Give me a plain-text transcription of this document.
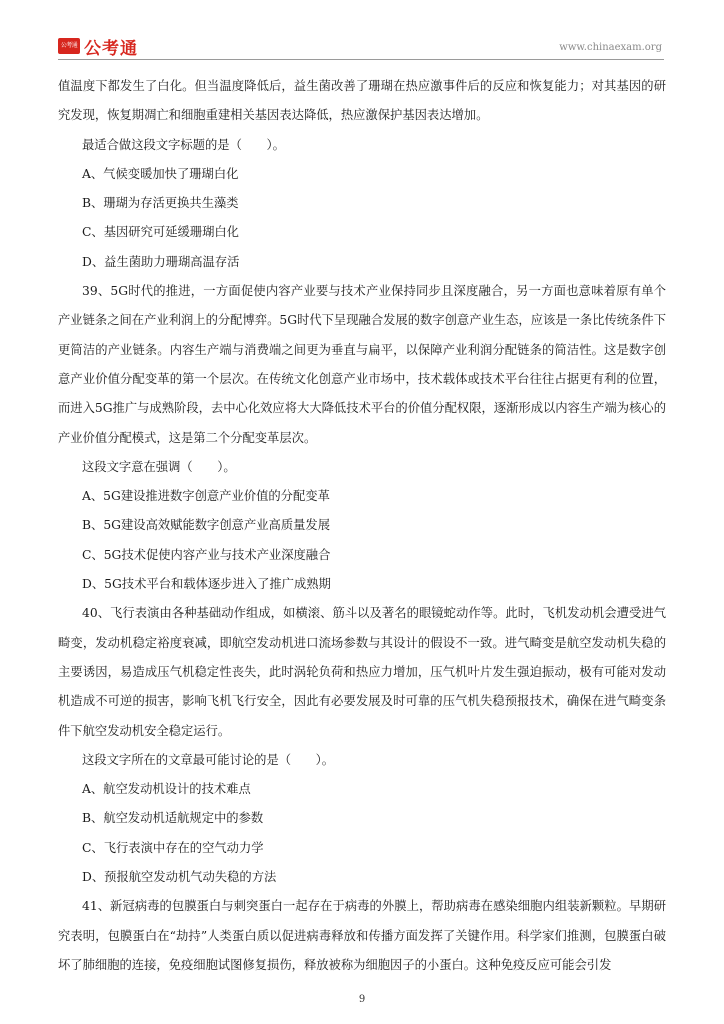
公考通 公考通	www.chinaexam.org

值温度下都发生了白化。但当温度降低后，益生菌改善了珊瑚在热应激事件后的反应和恢复能力；对其基因的研究发现，恢复期凋亡和细胞重建相关基因表达降低，热应激保护基因表达增加。

最适合做这段文字标题的是（　　）。

A、气候变暖加快了珊瑚白化

B、珊瑚为存活更换共生藻类

C、基因研究可延缓珊瑚白化

D、益生菌助力珊瑚高温存活

39、5G时代的推进，一方面促使内容产业要与技术产业保持同步且深度融合，另一方面也意味着原有单个产业链条之间在产业利润上的分配博弈。5G时代下呈现融合发展的数字创意产业生态，应该是一条比传统条件下更简洁的产业链条。内容生产端与消费端之间更为垂直与扁平，以保障产业利润分配链条的简洁性。这是数字创意产业价值分配变革的第一个层次。在传统文化创意产业市场中，技术载体或技术平台往往占据更有利的位置，而进入5G推广与成熟阶段，去中心化效应将大大降低技术平台的价值分配权限，逐渐形成以内容生产端为核心的产业价值分配模式，这是第二个分配变革层次。

这段文字意在强调（　　）。

A、5G建设推进数字创意产业价值的分配变革

B、5G建设高效赋能数字创意产业高质量发展

C、5G技术促使内容产业与技术产业深度融合

D、5G技术平台和载体逐步进入了推广成熟期

40、飞行表演由各种基础动作组成，如横滚、筋斗以及著名的眼镜蛇动作等。此时，飞机发动机会遭受进气畸变，发动机稳定裕度衰减，即航空发动机进口流场参数与其设计的假设不一致。进气畸变是航空发动机失稳的主要诱因，易造成压气机稳定性丧失，此时涡轮负荷和热应力增加，压气机叶片发生强迫振动，极有可能对发动机造成不可逆的损害，影响飞机飞行安全，因此有必要发展及时可靠的压气机失稳预报技术，确保在进气畸变条件下航空发动机安全稳定运行。

这段文字所在的文章最可能讨论的是（　　）。

A、航空发动机设计的技术难点

B、航空发动机适航规定中的参数

C、飞行表演中存在的空气动力学

D、预报航空发动机气动失稳的方法

41、新冠病毒的包膜蛋白与刺突蛋白一起存在于病毒的外膜上，帮助病毒在感染细胞内组装新颗粒。早期研究表明，包膜蛋白在“劫持”人类蛋白质以促进病毒释放和传播方面发挥了关键作用。科学家们推测，包膜蛋白破坏了肺细胞的连接，免疫细胞试图修复损伤，释放被称为细胞因子的小蛋白。这种免疫反应可能会引发

9
